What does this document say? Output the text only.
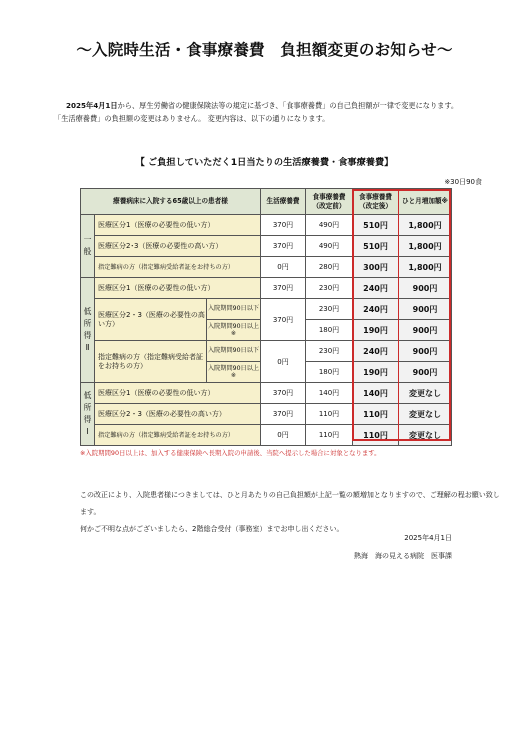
～入院時生活・食事療養費　負担額変更のお知らせ～
2025年4月1日から、厚生労働省の健康保険法等の規定に基づき、「食事療養費」の自己負担額が一律で変更になります。
「生活療養費」の負担額の変更はありません。 変更内容は、以下の通りになります。
【 ご負担していただく1日当たりの生活療養費・食事療養費】
※30日90食
療養病床に入院する65歳以上の患者様			生活療養費	食事療養費（改定前）	食事療養費（改定後）	ひと月増加額※

一般	医療区分1（医療の必要性の低い方）		370円	490円	510円	1,800円
	医療区分2･3（医療の必要性の高い方）		370円	490円	510円	1,800円
	指定難病の方（指定難病受給者証をお持ちの方）		0円	280円	300円	1,800円

低所得Ⅱ	医療区分1（医療の必要性の低い方）		370円	230円	240円	900円
	医療区分2・3（医療の必要性の高い方）	入院期間90日以下	370円	230円	240円	900円
		入院期間90日以上※		180円	190円	900円
	指定難病の方（指定難病受給者証をお持ちの方）	入院期間90日以下	0円	230円	240円	900円
		入院期間90日以上※		180円	190円	900円

低所得Ⅰ	医療区分1（医療の必要性の低い方）		370円	140円	140円	変更なし
	医療区分2・3（医療の必要性の高い方）		370円	110円	110円	変更なし
	指定難病の方（指定難病受給者証をお持ちの方）		0円	110円	110円	変更なし
※入院期間90日以上は、加入する健康保険へ長期入院の申請後、当院へ提示した場合に対象となります。
この改正により、入院患者様につきましては、ひと月あたりの自己負担額が上記一覧の額増加となりますので、ご理解の程お願い致します。
何かご不明な点がございましたら、2階総合受付（事務室）までお申し出ください。
2025年4月1日
熱海　海の見える病院　医事課
